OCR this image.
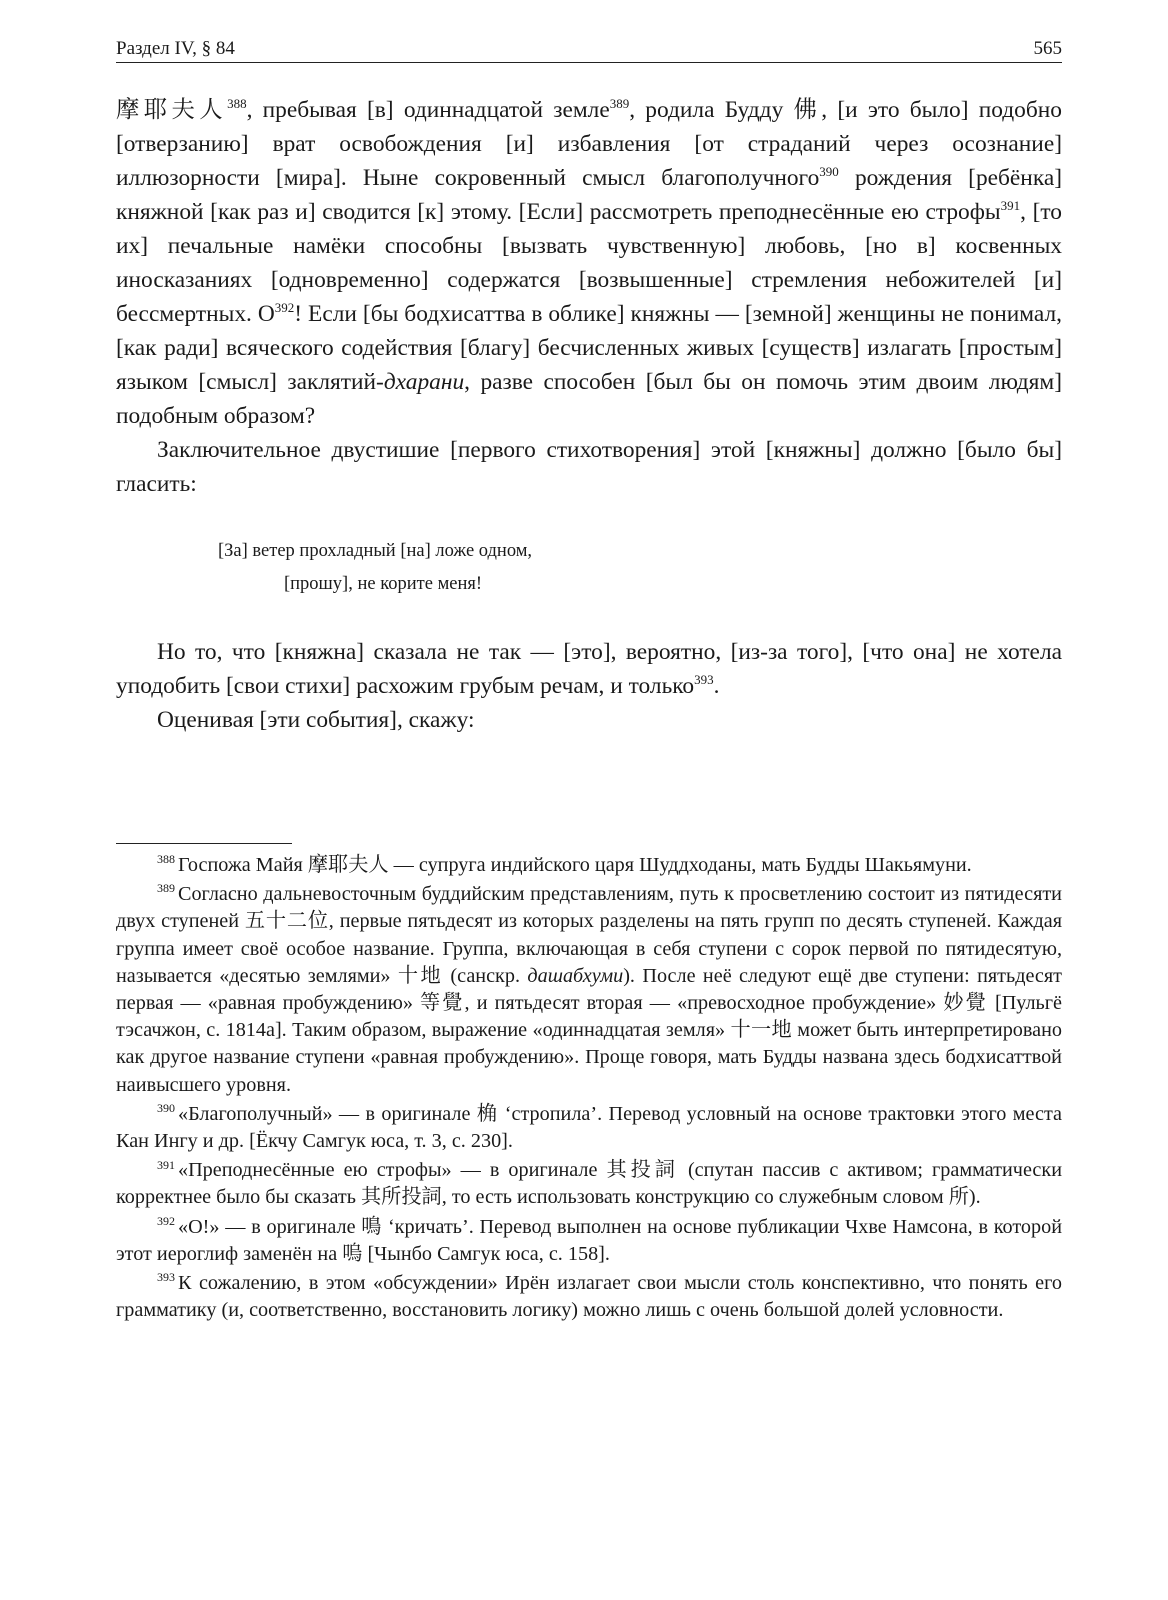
Раздел IV, § 84	565

摩耶夫人$^{388}$, пребывая [в] одиннадцатой земле$^{389}$, родила Будду 佛, [и это было] подобно [отверзанию] врат освобождения [и] избавления [от страданий через осознание] иллюзорности [мира]. Ныне сокровенный смысл благополучного$^{390}$ рождения [ребёнка] княжной [как раз и] сводится [к] этому. [Если] рассмотреть преподнесённые ею строфы$^{391}$, [то их] печальные намёки способны [вызвать чувственную] любовь, [но в] косвенных иносказаниях [одновременно] содержатся [возвышенные] стремления небожителей [и] бессмертных. $О^{392}$! Если [бы бодхисаттва в облике] княжны — [земной] женщины не понимал, [как ради] всяческого содействия [благу] бесчисленных живых [существ] излагать [простым] языком [смысл] заклятий-дхарани, разве способен [был бы он помочь этим двоим людям] подобным образом?

Заключительное двустишие [первого стихотворения] этой [княжны] должно [было бы] гласить:

[За] ветер прохладный [на] ложе одном,
[прошу], не корите меня!

Но то, что [княжна] сказала не так — [это], вероятно, [из-за того], [что она] не хотела уподобить [свои стихи] расхожим грубым речам, и только$^{393}$.

Оценивая [эти события], скажу:

$^{388}$ Госпожа Майя 摩耶夫人 — супруга индийского царя Шуддходаны, мать Будды Шакьямуни.

$^{389}$ Согласно дальневосточным буддийским представлениям, путь к просветлению состоит из пятидесяти двух ступеней 五十二位, первые пятьдесят из которых разделены на пять групп по десять ступеней. Каждая группа имеет своё особое название. Группа, включающая в себя ступени с сорок первой по пятидесятую, называется «десятью землями» 十地 (санскр. дашабхуми). После неё следуют ещё две ступени: пятьдесят первая — «равная пробуждению» 等覺, и пятьдесят вторая — «превосходное пробуждение» 妙覺 [Пульгё тэсачжон, с. 1814а]. Таким образом, выражение «одиннадцатая земля» 十一地 может быть интерпретировано как другое название ступени «равная пробуждению». Проще говоря, мать Будды названа здесь бодхисаттвой наивысшего уровня.

$^{390}$ «Благополучный» — в оригинале 桷 ‘стропила’. Перевод условный на основе трактовки этого места Кан Ингу и др. [Ёкчу Самгук юса, т. 3, с. 230].

$^{391}$ «Преподнесённые ею строфы» — в оригинале 其投詞 (спутан пассив с активом; грамматически корректнее было бы сказать 其所投詞, то есть использовать конструкцию со служебным словом 所).

$^{392}$ «О!» — в оригинале 鳴 ‘кричать’. Перевод выполнен на основе публикации Чхве Намсона, в которой этот иероглиф заменён на 嗚 [Чынбо Самгук юса, с. 158].

$^{393}$ К сожалению, в этом «обсуждении» Ирён излагает свои мысли столь конспективно, что понять его грамматику (и, соответственно, восстановить логику) можно лишь с очень большой долей условности.
